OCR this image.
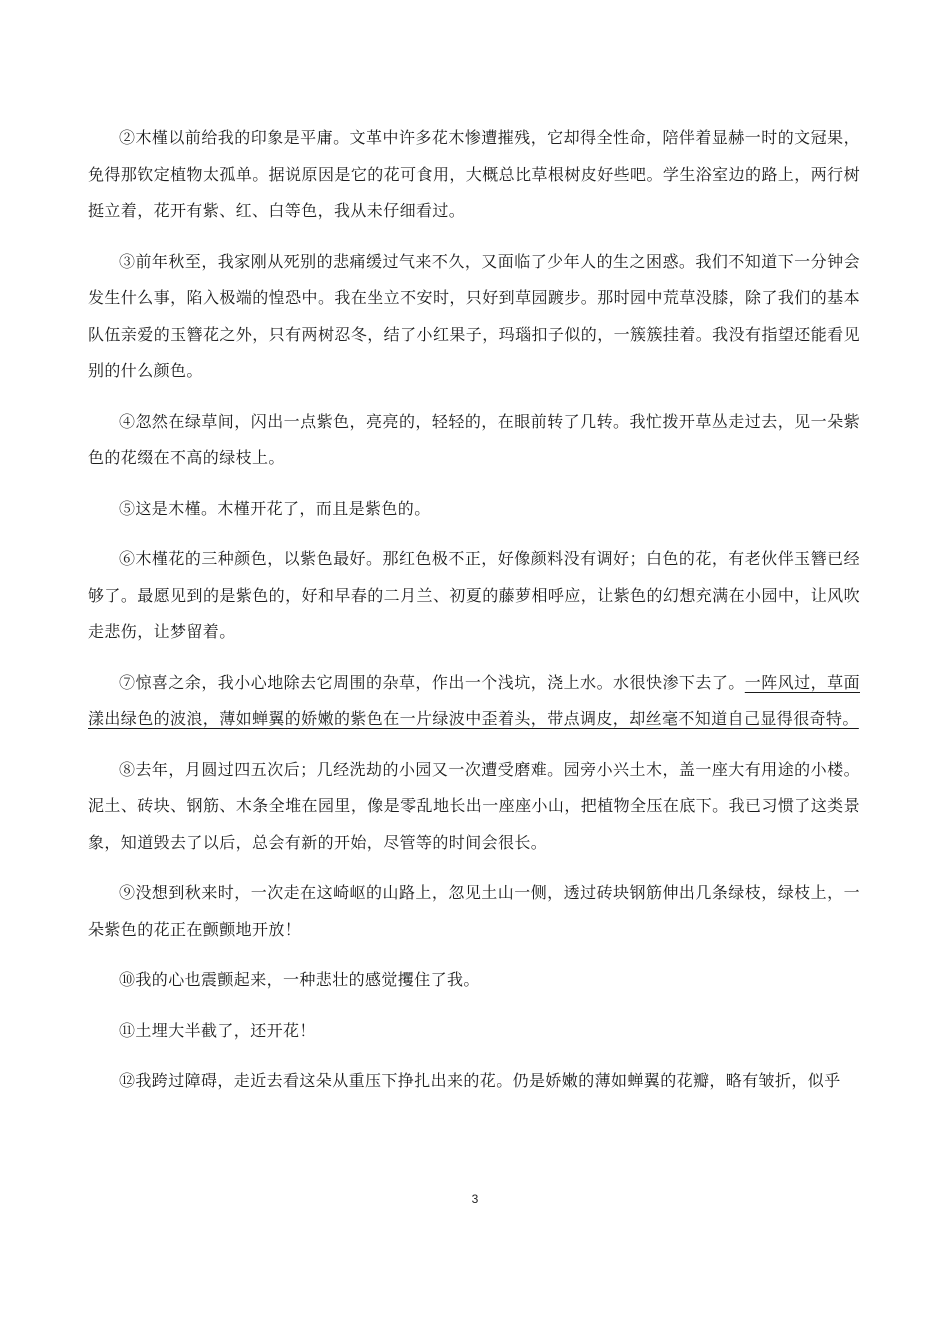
②木槿以前给我的印象是平庸。文革中许多花木惨遭摧残，它却得全性命，陪伴着显赫一时的文冠果，免得那钦定植物太孤单。据说原因是它的花可食用，大概总比草根树皮好些吧。学生浴室边的路上，两行树挺立着，花开有紫、红、白等色，我从未仔细看过。

③前年秋至，我家刚从死别的悲痛缓过气来不久，又面临了少年人的生之困惑。我们不知道下一分钟会发生什么事，陷入极端的惶恐中。我在坐立不安时，只好到草园踱步。那时园中荒草没膝，除了我们的基本队伍亲爱的玉簪花之外，只有两树忍冬，结了小红果子，玛瑙扣子似的，一簇簇挂着。我没有指望还能看见别的什么颜色。

④忽然在绿草间，闪出一点紫色，亮亮的，轻轻的，在眼前转了几转。我忙拨开草丛走过去，见一朵紫色的花缀在不高的绿枝上。

⑤这是木槿。木槿开花了，而且是紫色的。

⑥木槿花的三种颜色，以紫色最好。那红色极不正，好像颜料没有调好；白色的花，有老伙伴玉簪已经够了。最愿见到的是紫色的，好和早春的二月兰、初夏的藤萝相呼应，让紫色的幻想充满在小园中，让风吹走悲伤，让梦留着。

⑦惊喜之余，我小心地除去它周围的杂草，作出一个浅坑，浇上水。水很快渗下去了。一阵风过，草面漾出绿色的波浪，薄如蝉翼的娇嫩的紫色在一片绿波中歪着头，带点调皮，却丝毫不知道自己显得很奇特。

⑧去年，月圆过四五次后；几经洗劫的小园又一次遭受磨难。园旁小兴土木，盖一座大有用途的小楼。泥土、砖块、钢筋、木条全堆在园里，像是零乱地长出一座座小山，把植物全压在底下。我已习惯了这类景象，知道毁去了以后，总会有新的开始，尽管等的时间会很长。

⑨没想到秋来时，一次走在这崎岖的山路上，忽见土山一侧，透过砖块钢筋伸出几条绿枝，绿枝上，一朵紫色的花正在颤颤地开放！

⑩我的心也震颤起来，一种悲壮的感觉攫住了我。

⑪土埋大半截了，还开花！

⑫我跨过障碍，走近去看这朵从重压下挣扎出来的花。仍是娇嫩的薄如蝉翼的花瓣，略有皱折，似乎

3
